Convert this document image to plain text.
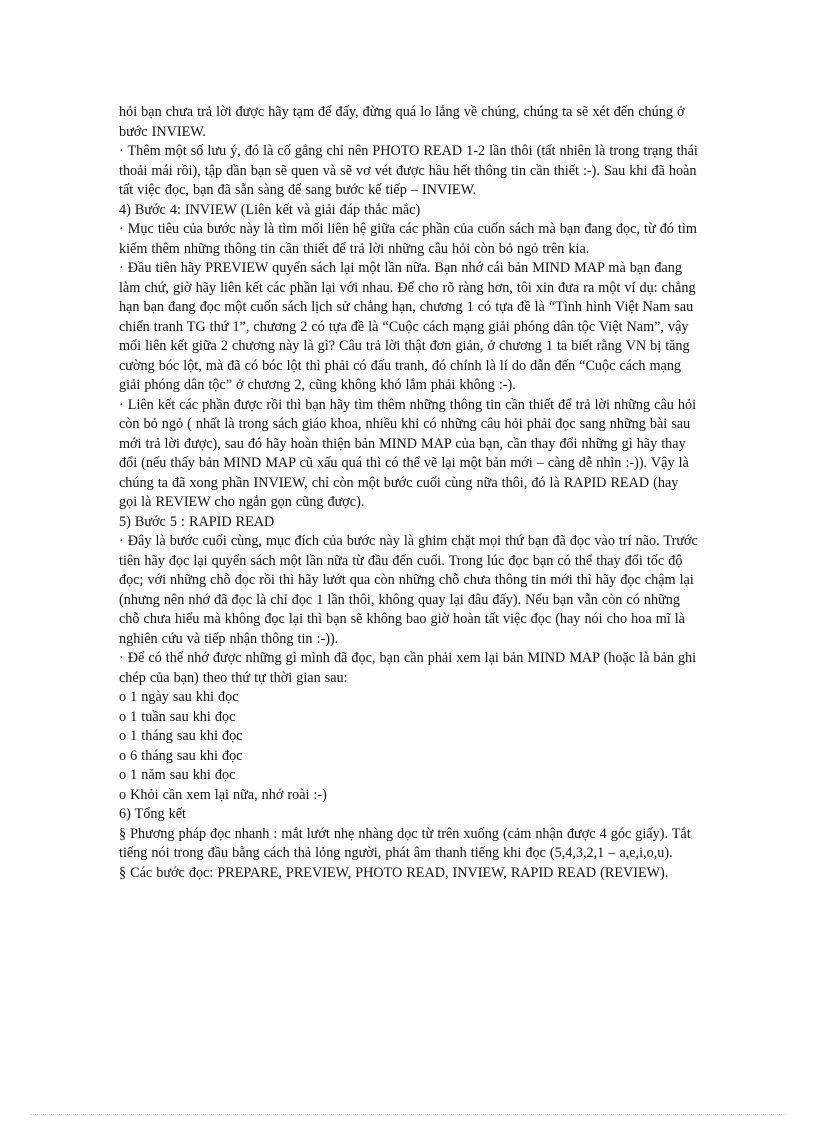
hỏi bạn chưa trả lời được hãy tạm để đấy, đừng quá lo lắng về chúng, chúng ta sẽ xét đến chúng ở bước INVIEW.

· Thêm một số lưu ý, đó là cố gắng chỉ nên PHOTO READ 1-2 lần thôi (tất nhiên là trong trạng thái thoải mái rồi), tập dần bạn sẽ quen và sẽ vơ vét được hầu hết thông tin cần thiết :-). Sau khi đã hoàn tất việc đọc, bạn đã sẵn sàng để sang bước kế tiếp – INVIEW.

4) Bước 4: INVIEW (Liên kết và giải đáp thắc mắc)

· Mục tiêu của bước này là tìm mối liên hệ giữa các phần của cuốn sách mà bạn đang đọc, từ đó tìm kiếm thêm những thông tin cần thiết để trả lời những câu hỏi còn bỏ ngỏ trên kia.

· Đầu tiên hãy PREVIEW quyển sách lại một lần nữa. Bạn nhớ cái bản MIND MAP mà bạn đang làm chứ, giờ hãy liên kết các phần lại với nhau. Để cho rõ ràng hơn, tôi xin đưa ra một ví dụ: chẳng hạn bạn đang đọc một cuốn sách lịch sử chẳng hạn, chương 1 có tựa đề là “Tình hình Việt Nam sau chiến tranh TG thứ 1”, chương 2 có tựa đề là “Cuộc cách mạng giải phóng dân tộc Việt Nam”, vậy mối liên kết giữa 2 chương này là gì? Câu trả lời thật đơn giản, ở chương 1 ta biết rằng VN bị tăng cường bóc lột, mà đã có bóc lột thì phải có đấu tranh, đó chính là lí do dẫn đến “Cuộc cách mạng giải phóng dân tộc” ở chương 2, cũng không khó lắm phải không :-).

· Liên kết các phần được rồi thì bạn hãy tìm thêm những thông tin cần thiết để trả lời những câu hỏi còn bỏ ngỏ ( nhất là trong sách giáo khoa, nhiều khi có những câu hỏi phải đọc sang những bài sau mới trả lời được), sau đó hãy hoàn thiện bản MIND MAP của bạn, cần thay đổi những gì hãy thay đổi (nếu thấy bản MIND MAP cũ xấu quá thì có thể vẽ lại một bản mới – càng dễ nhìn :-)). Vậy là chúng ta đã xong phần INVIEW, chỉ còn một bước cuối cùng nữa thôi, đó là RAPID READ (hay gọi là REVIEW cho ngắn gọn cũng được).

5) Bước 5 : RAPID READ

· Đây là bước cuối cùng, mục đích của bước này là ghim chặt mọi thứ bạn đã đọc vào trí não. Trước tiên hãy đọc lại quyển sách một lần nữa từ đầu đến cuối. Trong lúc đọc bạn có thể thay đổi tốc độ đọc; với những chỗ đọc rồi thì hãy lướt qua còn những chỗ chưa thông tin mới thì hãy đọc chậm lại (nhưng nên nhớ đã đọc là chỉ đọc 1 lần thôi, không quay lại đâu đấy). Nếu bạn vẫn còn có những chỗ chưa hiểu mà không đọc lại thì bạn sẽ không bao giờ hoàn tất việc đọc (hay nói cho hoa mĩ là nghiên cứu và tiếp nhận thông tin :-)).

· Để có thể nhớ được những gì mình đã đọc, bạn cần phải xem lại bản MIND MAP (hoặc là bản ghi chép của bạn) theo thứ tự thời gian sau:

o 1 ngày sau khi đọc

o 1 tuần sau khi đọc

o 1 tháng sau khi đọc

o 6 tháng sau khi đọc

o 1 năm sau khi đọc

o Khỏi cần xem lại nữa, nhớ roài :-)

6) Tổng kết

§ Phương pháp đọc nhanh : mắt lướt nhẹ nhàng dọc từ trên xuống (cảm nhận được 4 góc giấy). Tắt tiếng nói trong đầu bằng cách thả lỏng người, phát âm thanh tiếng khi đọc (5,4,3,2,1 – a,e,i,o,u).

§ Các bước đọc: PREPARE, PREVIEW, PHOTO READ, INVIEW, RAPID READ (REVIEW).
